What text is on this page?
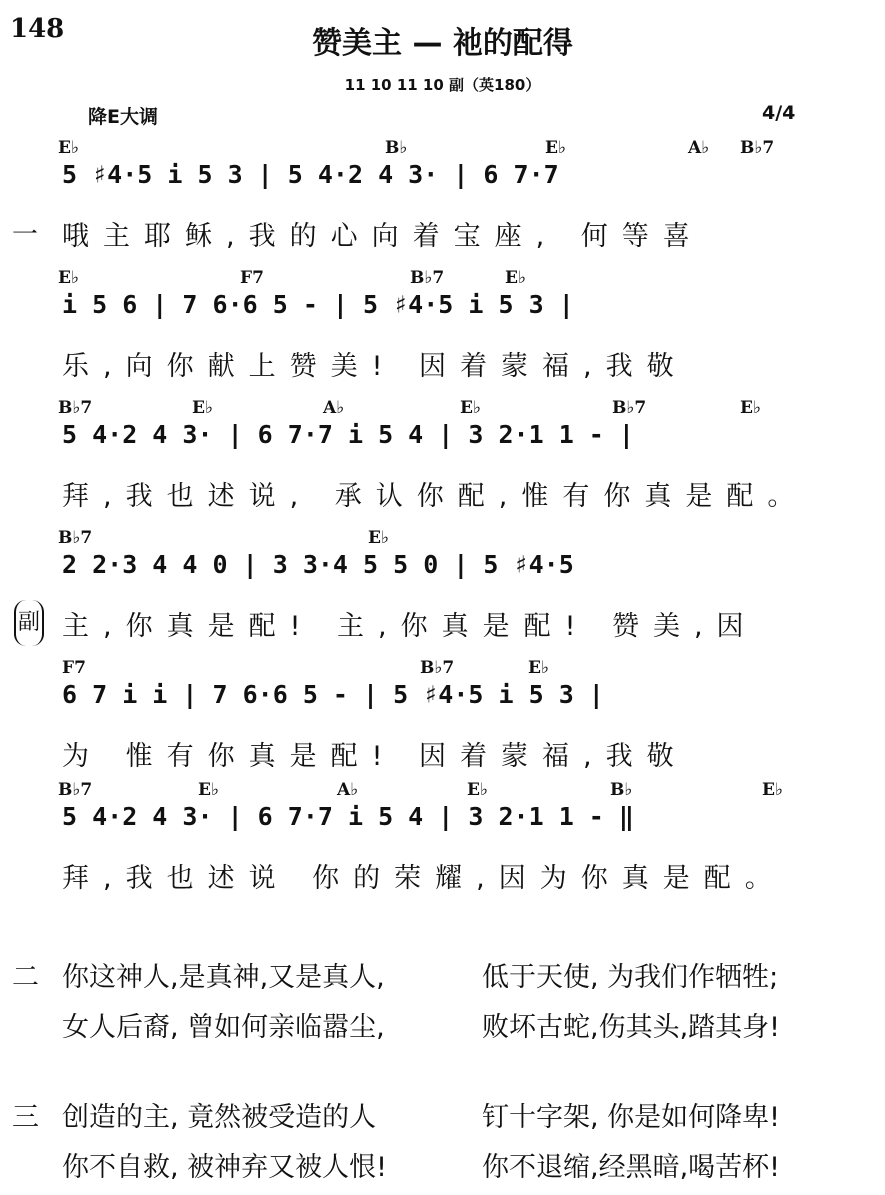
148	赞美主 — 祂的配得
11 10 11 10 副（英180）
降E大调	4/4
E♭	B♭	E♭	A♭ B♭7
5 ♯4·5 i 5 3 | 5 4·2 4 3· | 6 7·7
哦主耶稣,我的心向着宝座, 何等喜
一
E♭	F7	B♭7	E♭
i 5 6 | 7 6·6 5 - | 5 ♯4·5 i 5 3 |
乐,向你献上赞美! 因着蒙福,我敬
B♭7	E♭	A♭	E♭	B♭7	E♭
5 4·2 4 3· | 6 7·7 i 5 4 | 3 2·1 1 - |
拜,我也述说, 承认你配,惟有你真是配。
B♭7	E♭
2 2·3 4 4 0 | 3 3·4 5 5 0 | 5 ♯4·5
主,你真是配! 主,你真是配! 赞美,因
副
F7	B♭7	E♭
6 7 i i | 7 6·6 5 - | 5 ♯4·5 i 5 3 |
为 惟有你真是配! 因着蒙福,我敬
B♭7	E♭	A♭	E♭	B♭	E♭
5 4·2 4 3· | 6 7·7 i 5 4 | 3 2·1 1 - ‖
拜,我也述说 你的荣耀,因为你真是配。
二 你这神人,是真神,又是真人,	低于天使, 为我们作牺牲;
女人后裔, 曾如何亲临嚣尘,	败坏古蛇,伤其头,踏其身!
三 创造的主, 竟然被受造的人	钉十字架, 你是如何降卑!
你不自救, 被神弃又被人恨!	你不退缩,经黑暗,喝苦杯!
